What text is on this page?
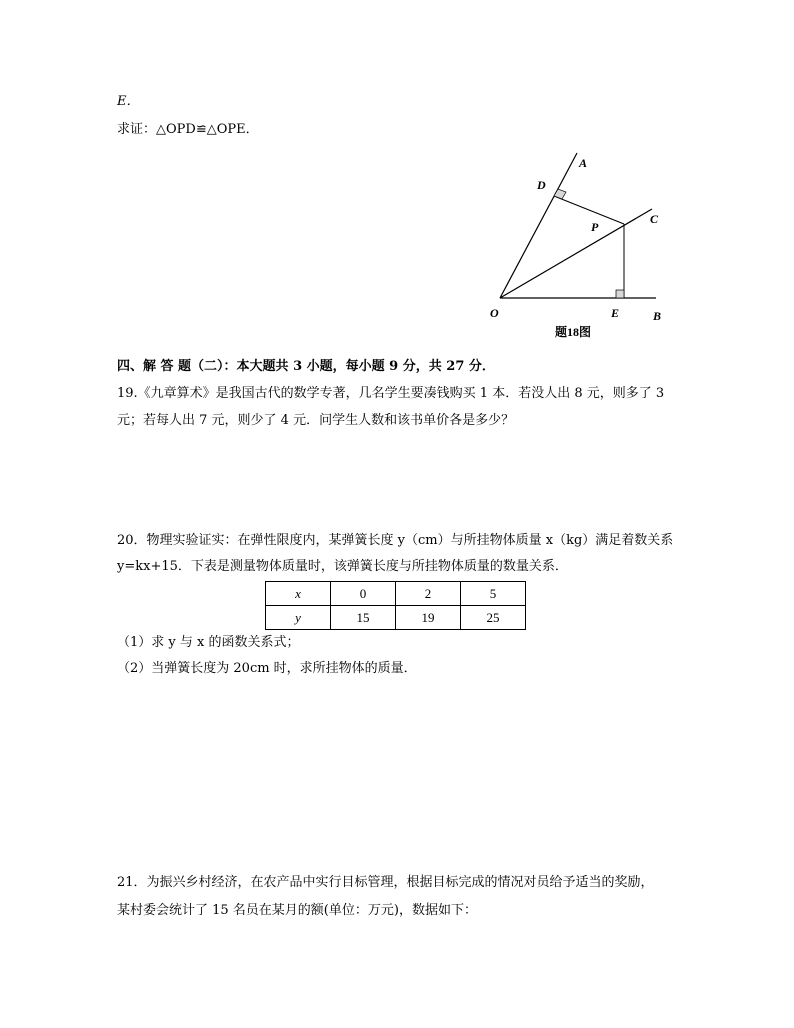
E．
求证：△OPD≌△OPE．
A
C
D
P
O	E	B
题18图
四、解 答 题（二）：本大题共 3 小题，每小题 9 分，共 27 分．
19.《九章算术》是我国古代的数学专著，几名学生要凑钱购买 1 本．若没人出 8 元，则多了 3
元；若每人出 7 元，则少了 4 元．问学生人数和该书单价各是多少？
20．物理实验证实：在弹性限度内，某弹簧长度 y（cm）与所挂物体质量 x（kg）满足着数关系
y=kx+15．下表是测量物体质量时，该弹簧长度与所挂物体质量的数量关系．
x	0	2	5
y	15	19	25
（1）求 y 与 x 的函数关系式；
（2）当弹簧长度为 20cm 时，求所挂物体的质量．
21．为振兴乡村经济，在农产品中实行目标管理，根据目标完成的情况对员给予适当的奖励，
某村委会统计了 15 名员在某月的额(单位：万元)，数据如下：
